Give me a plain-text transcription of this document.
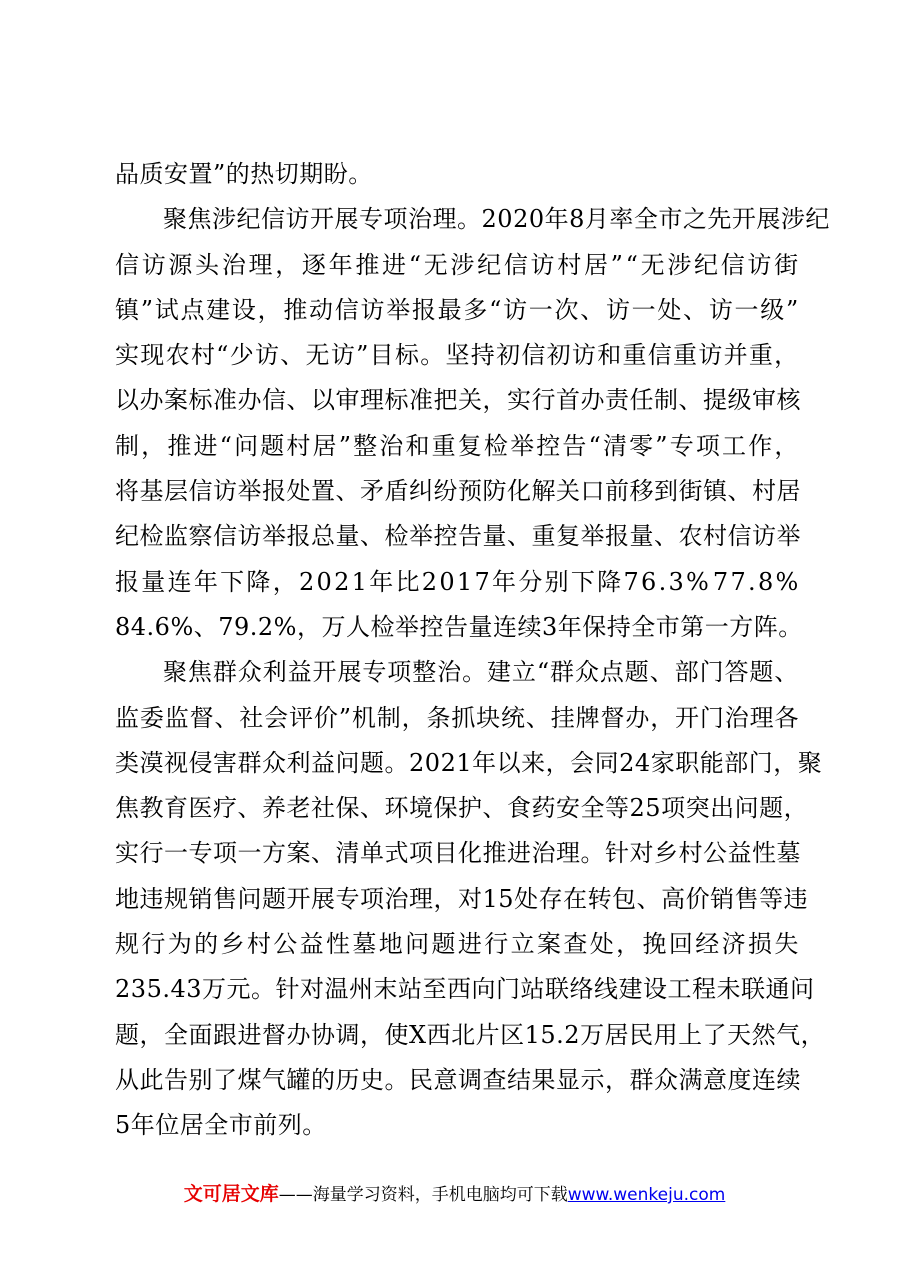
品质安置”的热切期盼。
聚 焦 涉 纪 信 访 开 展 专 项 治 理 。 2 0 2 0 年 8 月 率 全 市 之 先 开 展 涉 纪
信 访 源 头 治 理 ， 逐 年 推 进 “ 无 涉 纪 信 访 村 居 ” “ 无 涉 纪 信 访 街
镇 ” 试 点 建 设 ， 推 动 信 访 举 报 最 多 “ 访 一 次 、 访 一 处 、 访 一 级 ”
实 现 农 村 “ 少 访 、 无 访 ” 目 标 。 坚 持 初 信 初 访 和 重 信 重 访 并 重 ，
以 办 案 标 准 办 信 、 以 审 理 标 准 把 关 ， 实 行 首 办 责 任 制 、 提 级 审 核
制 ， 推 进 “ 问 题 村 居 ” 整 治 和 重 复 检 举 控 告 “ 清 零 ” 专 项 工 作 ，
将 基 层 信 访 举 报 处 置 、 矛 盾 纠 纷 预 防 化 解 关 口 前 移 到 街 镇 、 村 居
纪 检 监 察 信 访 举 报 总 量 、 检 举 控 告 量 、 重 复 举 报 量 、 农 村 信 访 举
报 量 连 年 下 降 ， 2 0 2 1 年 比 2 0 1 7 年 分 别 下 降 7 6 . 3 % 7 7 . 8 %
84.6%、79.2%，万人检举控告量连续3年保持全市第一方阵。
聚 焦 群 众 利 益 开 展 专 项 整 治 。 建 立 “ 群 众 点 题 、 部 门 答 题 、
监 委 监 督 、 社 会 评 价 ” 机 制 ， 条 抓 块 统 、 挂 牌 督 办 ， 开 门 治 理 各
类 漠 视 侵 害 群 众 利 益 问 题 。 2 0 2 1 年 以 来 ， 会 同 2 4 家 职 能 部 门 ， 聚
焦 教 育 医 疗 、 养 老 社 保 、 环 境 保 护 、 食 药 安 全 等 2 5 项 突 出 问 题 ，
实 行 一 专 项 一 方 案 、 清 单 式 项 目 化 推 进 治 理 。 针 对 乡 村 公 益 性 墓
地 违 规 销 售 问 题 开 展 专 项 治 理 ， 对 1 5 处 存 在 转 包 、 高 价 销 售 等 违
规 行 为 的 乡 村 公 益 性 墓 地 问 题 进 行 立 案 查 处 ， 挽 回 经 济 损 失
2 3 5 . 4 3 万 元 。 针 对 温 州 末 站 至 西 向 门 站 联 络 线 建 设 工 程 未 联 通 问
题 ， 全 面 跟 进 督 办 协 调 ， 使 X 西 北 片 区 1 5 . 2 万 居 民 用 上 了 天 然 气 ，
从 此 告 别 了 煤 气 罐 的 历 史 。 民 意 调 查 结 果 显 示 ， 群 众 满 意 度 连 续
5年位居全市前列。
文可居文库——海量学习资料，手机电脑均可下载www.wenkeju.com
